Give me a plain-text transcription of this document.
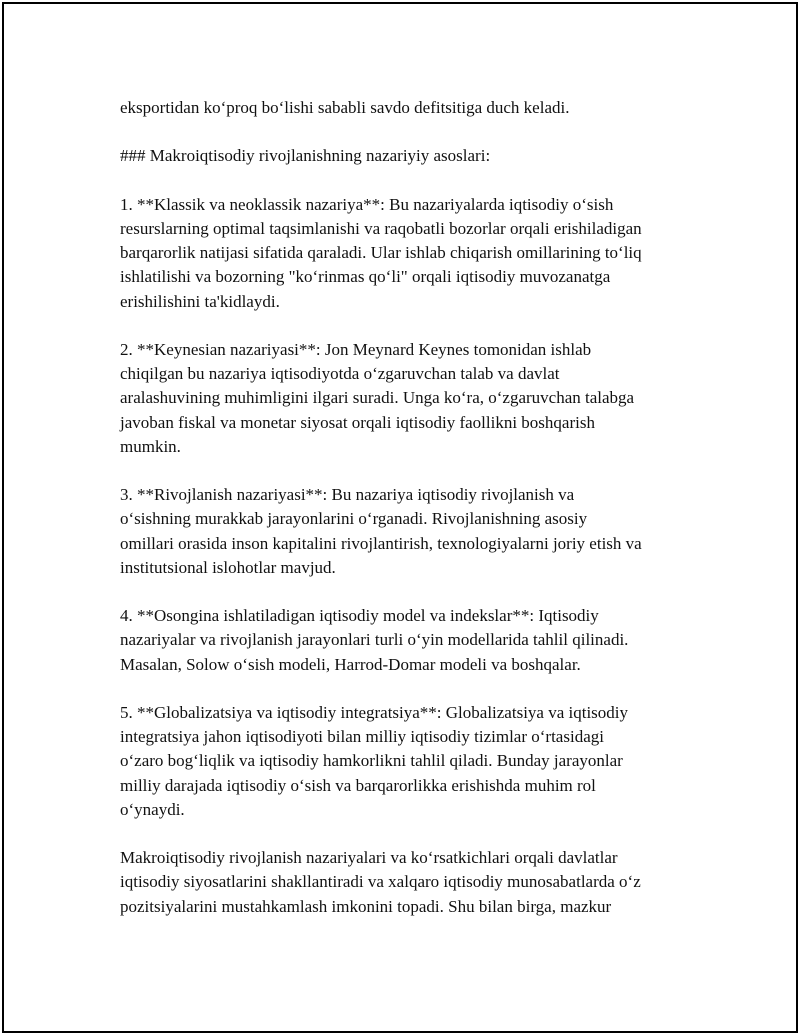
eksportidan ko‘proq bo‘lishi sababli savdo defitsitiga duch keladi.

### Makroiqtisodiy rivojlanishning nazariyiy asoslari:

1. **Klassik va neoklassik nazariya**: Bu nazariyalarda iqtisodiy o‘sish
resurslarning optimal taqsimlanishi va raqobatli bozorlar orqali erishiladigan
barqarorlik natijasi sifatida qaraladi. Ular ishlab chiqarish omillarining to‘liq
ishlatilishi va bozorning "ko‘rinmas qo‘li" orqali iqtisodiy muvozanatga
erishilishini ta'kidlaydi.

2. **Keynesian nazariyasi**: Jon Meynard Keynes tomonidan ishlab
chiqilgan bu nazariya iqtisodiyotda o‘zgaruvchan talab va davlat
aralashuvining muhimligini ilgari suradi. Unga ko‘ra, o‘zgaruvchan talabga
javoban fiskal va monetar siyosat orqali iqtisodiy faollikni boshqarish
mumkin.

3. **Rivojlanish nazariyasi**: Bu nazariya iqtisodiy rivojlanish va
o‘sishning murakkab jarayonlarini o‘rganadi. Rivojlanishning asosiy
omillari orasida inson kapitalini rivojlantirish, texnologiyalarni joriy etish va
institutsional islohotlar mavjud.

4. **Osongina ishlatiladigan iqtisodiy model va indekslar**: Iqtisodiy
nazariyalar va rivojlanish jarayonlari turli o‘yin modellarida tahlil qilinadi.
Masalan, Solow o‘sish modeli, Harrod-Domar modeli va boshqalar.

5. **Globalizatsiya va iqtisodiy integratsiya**: Globalizatsiya va iqtisodiy
integratsiya jahon iqtisodiyoti bilan milliy iqtisodiy tizimlar o‘rtasidagi
o‘zaro bog‘liqlik va iqtisodiy hamkorlikni tahlil qiladi. Bunday jarayonlar
milliy darajada iqtisodiy o‘sish va barqarorlikka erishishda muhim rol
o‘ynaydi.

Makroiqtisodiy rivojlanish nazariyalari va ko‘rsatkichlari orqali davlatlar
iqtisodiy siyosatlarini shakllantiradi va xalqaro iqtisodiy munosabatlarda o‘z
pozitsiyalarini mustahkamlash imkonini topadi. Shu bilan birga, mazkur
